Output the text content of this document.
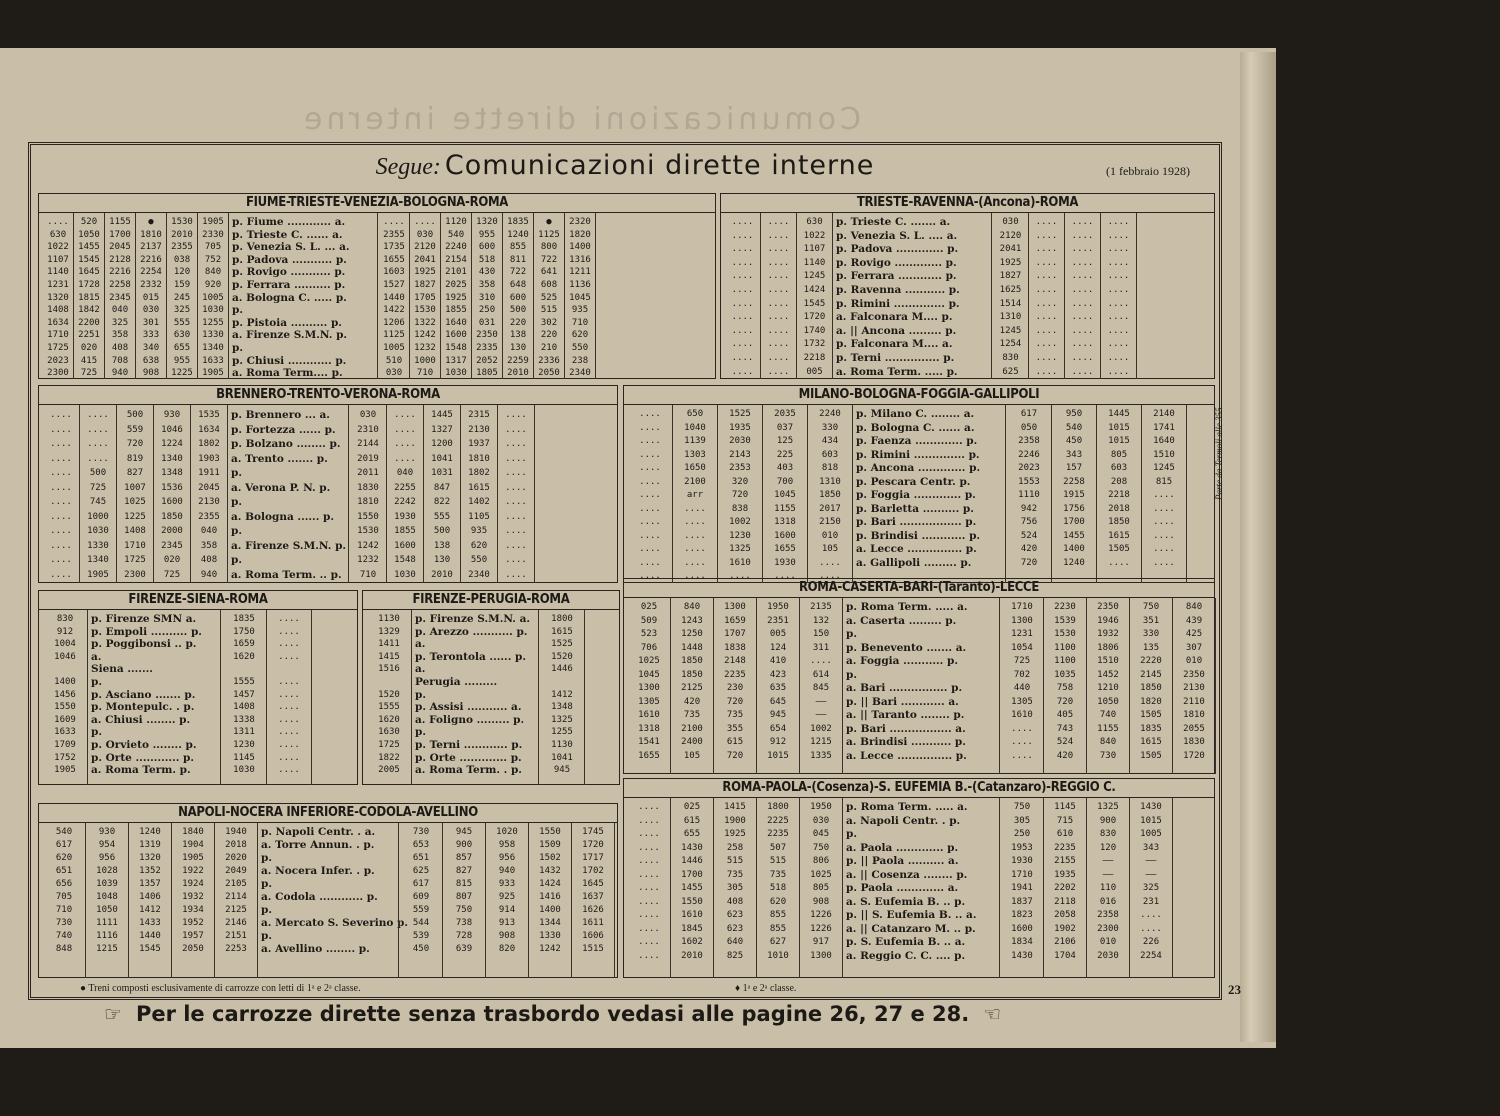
Comunicazioni dirette interne
Segue: Comunicazioni dirette interne	(1 febbraio 1928)
FIUME-TRIESTE-VENEZIA-BOLOGNA-ROMA
....
630
1022
1107
1140
1231
1320
1408
1634
1710
1725
2023
2300
520
1050
1455
1545
1645
1728
1815
1842
2200
2251
020
415
725
1155
1700
2045
2128
2216
2258
2345
040
325
358
408
708
940
●
1810
2137
2216
2254
2332
015
030
301
333
340
638
908
1530
2010
2355
038
120
159
245
325
555
630
655
955
1225
1905
2330
705
752
840
920
1005
1030
1255
1330
1340
1633
1905
p. Fiume ............ a.
p. Trieste C. ...... a.
p. Venezia S. L. ... a.
p. Padova ........... p.
p. Rovigo ........... p.
p. Ferrara .......... p.
a. Bologna C. ..... p.
p.
p. Pistoia .......... p.
a. Firenze S.M.N. p.
p.
p. Chiusi ............ p.
a. Roma Term.... p.
....
2355
1735
1655
1603
1527
1440
1422
1206
1125
1005
510
030
....
030
2120
2041
1925
1827
1705
1530
1322
1242
1232
1000
710
1120
540
2240
2154
2101
2025
1925
1855
1640
1600
1548
1317
1030
1320
955
600
518
430
358
310
250
031
2350
2335
2052
1805
1835
1240
855
811
722
648
600
500
220
138
130
2259
2010
●
1125
800
722
641
608
525
515
302
220
210
2336
2050
2320
1820
1400
1316
1211
1136
1045
935
710
620
550
238
2340
TRIESTE-RAVENNA-(Ancona)-ROMA
....
....
....
....
....
....
....
....
....
....
....
....
....
....
....
....
....
....
....
....
....
....
....
....
630
1022
1107
1140
1245
1424
1545
1720
1740
1732
2218
005
p. Trieste C. ....... a.
p. Venezia S. L. .... a.
p. Padova ............. p.
p. Rovigo ............. p.
p. Ferrara ............ p.
p. Ravenna ........... p.
p. Rimini .............. p.
a. Falconara M.... p.
a. || Ancona ......... p.
p. Falconara M.... a.
p. Terni ............... p.
a. Roma Term. ..... p.
030
2120
2041
1925
1827
1625
1514
1310
1245
1254
830
625
....
....
....
....
....
....
....
....
....
....
....
....
....
....
....
....
....
....
....
....
....
....
....
....
....
....
....
....
....
....
....
....
....
....
....
....
BRENNERO-TRENTO-VERONA-ROMA
....
....
....
....
....
....
....
....
....
....
....
....
....
....
....
....
500
725
745
1000
1030
1330
1340
1905
500
559
720
819
827
1007
1025
1225
1408
1710
1725
2300
930
1046
1224
1340
1348
1536
1600
1850
2000
2345
020
725
1535
1634
1802
1903
1911
2045
2130
2355
040
358
408
940
p. Brennero ... a.
p. Fortezza ...... p.
p. Bolzano ........ p.
a. Trento ....... p.
p.
a. Verona P. N. p.
p.
a. Bologna ...... p.
p.
a. Firenze S.M.N. p.
p.
a. Roma Term. .. p.
030
2310
2144
2019
2011
1830
1810
1550
1530
1242
1232
710
....
....
....
....
040
2255
2242
1930
1855
1600
1548
1030
1445
1327
1200
1041
1031
847
822
555
500
138
130
2010
2315
2130
1937
1810
1802
1615
1402
1105
935
620
550
2340
....
....
....
....
....
....
....
....
....
....
....
....
MILANO-BOLOGNA-FOGGIA-GALLIPOLI
....
....
....
....
....
....
....
....
....
....
....
....
....
650
1040
1139
1303
1650
2100
arr
....
....
....
....
....
....
1525
1935
2030
2143
2353
320
720
838
1002
1230
1325
1610
....
2035
037
125
225
403
700
1045
1155
1318
1600
1655
1930
....
2240
330
434
603
818
1310
1850
2017
2150
010
105
....
....
p. Milano C. ........ a.
p. Bologna C. ...... a.
p. Faenza ............. p.
p. Rimini .............. p.
p. Ancona ............. p.
p. Pescara Centr. p.
p. Foggia ............. p.
p. Barletta .......... p.
p. Bari ................. p.
p. Brindisi ............ p.
a. Lecce ............... p.
a. Gallipoli ......... p.
617
050
2358
2246
2023
1553
1110
942
756
524
420
720
950
540
450
343
157
2258
1915
1756
1700
1455
1400
1240
1445
1015
1015
805
603
208
2218
2018
1850
1615
1505
....
2140
1741
1640
1510
1245
815
....
....
....
....
....
....
Parte da Termoli alle 355
FIRENZE-SIENA-ROMA
830
912
1004
1046
1400
1456
1550
1609
1633
1709
1752
1905
p. Firenze SMN a.
p. Empoli .......... p.
p. Poggibonsi .. p.
a.
Siena .......
p.
p. Asciano ....... p.
p. Montepulc. . p.
a. Chiusi ........ p.
p.
p. Orvieto ........ p.
p. Orte ............ p.
a. Roma Term. p.
1835
1750
1659
1620
1555
1457
1408
1338
1311
1230
1145
1030
....
....
....
....
....
....
....
....
....
....
....
....
FIRENZE-PERUGIA-ROMA
1130
1329
1411
1415
1516
1520
1555
1620
1630
1725
1822
2005
p. Firenze S.M.N. a.
p. Arezzo ........... p.
a.
p. Terontola ...... p.
a.
Perugia .........
p.
p. Assisi ........... a.
a. Foligno ......... p.
p.
p. Terni ............ p.
p. Orte ............. p.
a. Roma Term. . p.
1800
1615
1525
1520
1446
1412
1348
1325
1255
1130
1041
945
ROMA-CASERTA-BARI-(Taranto)-LECCE
025
509
523
706
1025
1045
1300
1305
1610
1318
1541
1655
840
1243
1250
1448
1850
1850
2125
420
735
2100
2400
105
1300
1659
1707
1838
2148
2235
230
720
735
355
615
720
1950
2351
005
124
410
423
635
645
945
654
912
1015
2135
132
150
311
....
614
845
——
——
1002
1215
1335
p. Roma Term. ..... a.
a. Caserta ......... p.
p.
p. Benevento ....... a.
a. Foggia ........... p.
p.
a. Bari ................ p.
p. || Bari ............ a.
a. || Taranto ........ p.
p. Bari ................. a.
a. Brindisi ........... p.
a. Lecce ............... p.
1710
1300
1231
1054
725
702
440
1305
1610
....
....
....
2230
1539
1530
1100
1100
1035
758
720
405
743
524
420
2350
1946
1932
1806
1510
1452
1210
1050
740
1155
840
730
750
351
330
135
2220
2145
1850
1820
1505
1835
1615
1505
840
439
425
307
010
2350
2130
2110
1810
2055
1830
1720
NAPOLI-NOCERA INFERIORE-CODOLA-AVELLINO
540
617
620
651
656
705
710
730
740
848
930
954
956
1028
1039
1048
1050
1111
1116
1215
1240
1319
1320
1352
1357
1406
1412
1433
1440
1545
1840
1904
1905
1922
1924
1932
1934
1952
1957
2050
1940
2018
2020
2049
2105
2114
2125
2146
2151
2253
p. Napoli Centr. . a.
a. Torre Annun. . p.
p.
a. Nocera Infer. . p.
p.
a. Codola ............ p.
p.
a. Mercato S. Severino p.
p.
a. Avellino ........ p.
730
653
651
625
617
609
559
544
539
450
945
900
857
827
815
807
750
738
728
639
1020
958
956
940
933
925
914
913
908
820
1550
1509
1502
1432
1424
1416
1400
1344
1330
1242
1745
1720
1717
1702
1645
1637
1626
1611
1606
1515
ROMA-PAOLA-(Cosenza)-S. EUFEMIA B.-(Catanzaro)-REGGIO C.
....
....
....
....
....
....
....
....
....
....
....
....
025
615
655
1430
1446
1700
1455
1550
1610
1845
1602
2010
1415
1900
1925
258
515
735
305
408
623
623
640
825
1800
2225
2235
507
515
735
518
620
855
855
627
1010
1950
030
045
750
806
1025
805
908
1226
1226
917
1300
p. Roma Term. ..... a.
a. Napoli Centr. . p.
p.
a. Paola ............. p.
p. || Paola .......... a.
a. || Cosenza ........ p.
p. Paola ............. a.
a. S. Eufemia B. .. p.
p. || S. Eufemia B. .. a.
a. || Catanzaro M. .. p.
p. S. Eufemia B. .. a.
a. Reggio C. C. .... p.
750
305
250
1953
1930
1710
1941
1837
1823
1600
1834
1430
1145
715
610
2235
2155
1935
2202
2118
2058
1902
2106
1704
1325
900
830
120
——
——
110
016
2358
2300
010
2030
1430
1015
1005
343
——
——
325
231
....
....
226
2254
● Treni composti esclusivamente di carrozze con letti di 1ᵃ e 2ᵃ classe.	♦ 1ᵃ e 2ᵃ classe.
☞ Per le carrozze dirette senza trasbordo vedasi alle pagine 26, 27 e 28. ☜
23
